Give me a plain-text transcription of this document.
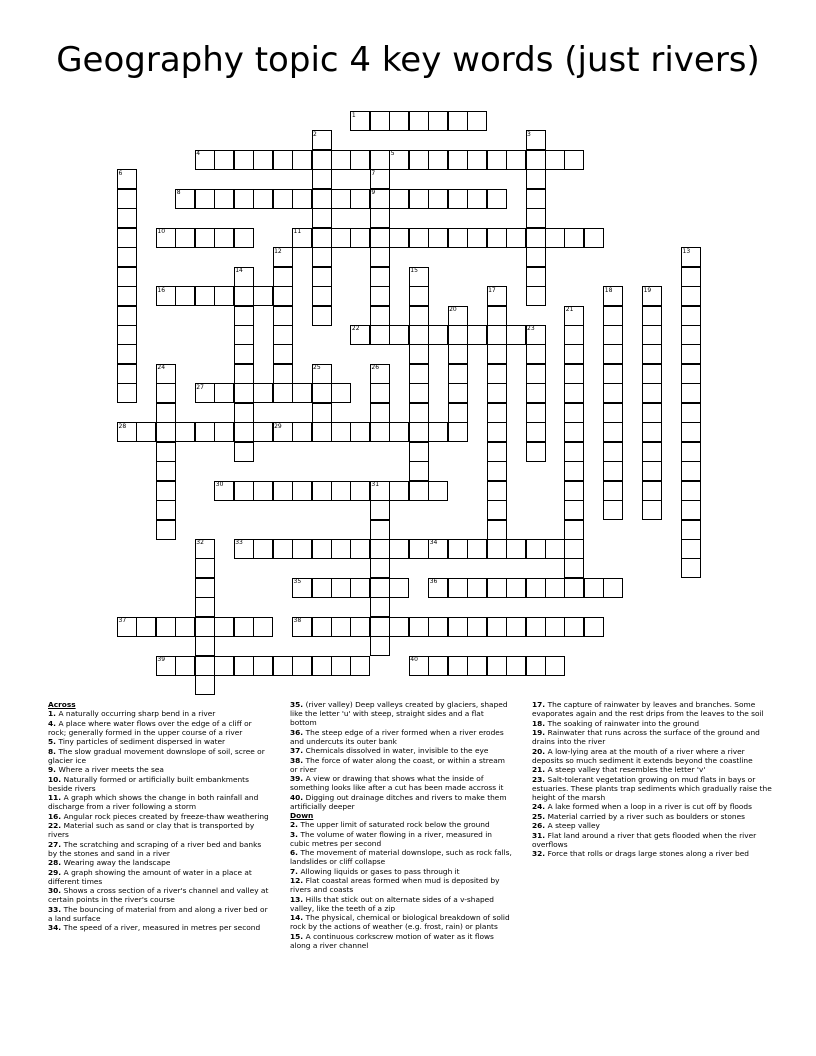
Geography topic 4 key words (just rivers)
1
2	3
4	5
6	7
8	9
10	11
12	13
14	15
16	17	18	19
20	21
22	23
24	25	26
27
28	29
30	31
32	33	34
35	36
37	38
39	40
Across
1. A naturally occurring sharp bend in a river
4. A place where water flows over the edge of a cliff or rock; generally formed in the upper course of a river
5. Tiny particles of sediment dispersed in water
8. The slow gradual movement downslope of soil, scree or glacier ice
9. Where a river meets the sea
10. Naturally formed or artificially built embankments beside rivers
11. A graph which shows the change in both rainfall and discharge from a river following a storm
16. Angular rock pieces created by freeze-thaw weathering
22. Material such as sand or clay that is transported by rivers
27. The scratching and scraping of a river bed and banks by the stones and sand in a river
28. Wearing away the landscape
29. A graph showing the amount of water in a place at different times
30. Shows a cross section of a river's channel and valley at certain points in the river's course
33. The bouncing of material from and along a river bed or a land surface
34. The speed of a river, measured in metres per second
35. (river valley) Deep valleys created by glaciers, shaped like the letter 'u' with steep, straight sides and a flat bottom
36. The steep edge of a river formed when a river erodes and undercuts its outer bank
37. Chemicals dissolved in water, invisible to the eye
38. The force of water along the coast, or within a stream or river
39. A view or drawing that shows what the inside of something looks like after a cut has been made accross it
40. Digging out drainage ditches and rivers to make them artificially deeper
Down
2. The upper limit of saturated rock below the ground
3. The volume of water flowing in a river, measured in cubic metres per second
6. The movement of material downslope, such as rock falls, landslides or cliff collapse
7. Allowing liquids or gases to pass through it
12. Flat coastal areas formed when mud is deposited by rivers and coasts
13. Hills that stick out on alternate sides of a v-shaped valley, like the teeth of a zip
14. The physical, chemical or biological breakdown of solid rock by the actions of weather (e.g. frost, rain) or plants
15. A continuous corkscrew motion of water as it flows along a river channel
17. The capture of rainwater by leaves and branches. Some evaporates again and the rest drips from the leaves to the soil
18. The soaking of rainwater into the ground
19. Rainwater that runs across the surface of the ground and drains into the river
20. A low-lying area at the mouth of a river where a river deposits so much sediment it extends beyond the coastline
21. A steep valley that resembles the letter 'v'
23. Salt-tolerant vegetation growing on mud flats in bays or estuaries. These plants trap sediments which gradually raise the height of the marsh
24. A lake formed when a loop in a river is cut off by floods
25. Material carried by a river such as boulders or stones
26. A steep valley
31. Flat land around a river that gets flooded when the river overflows
32. Force that rolls or drags large stones along a river bed
